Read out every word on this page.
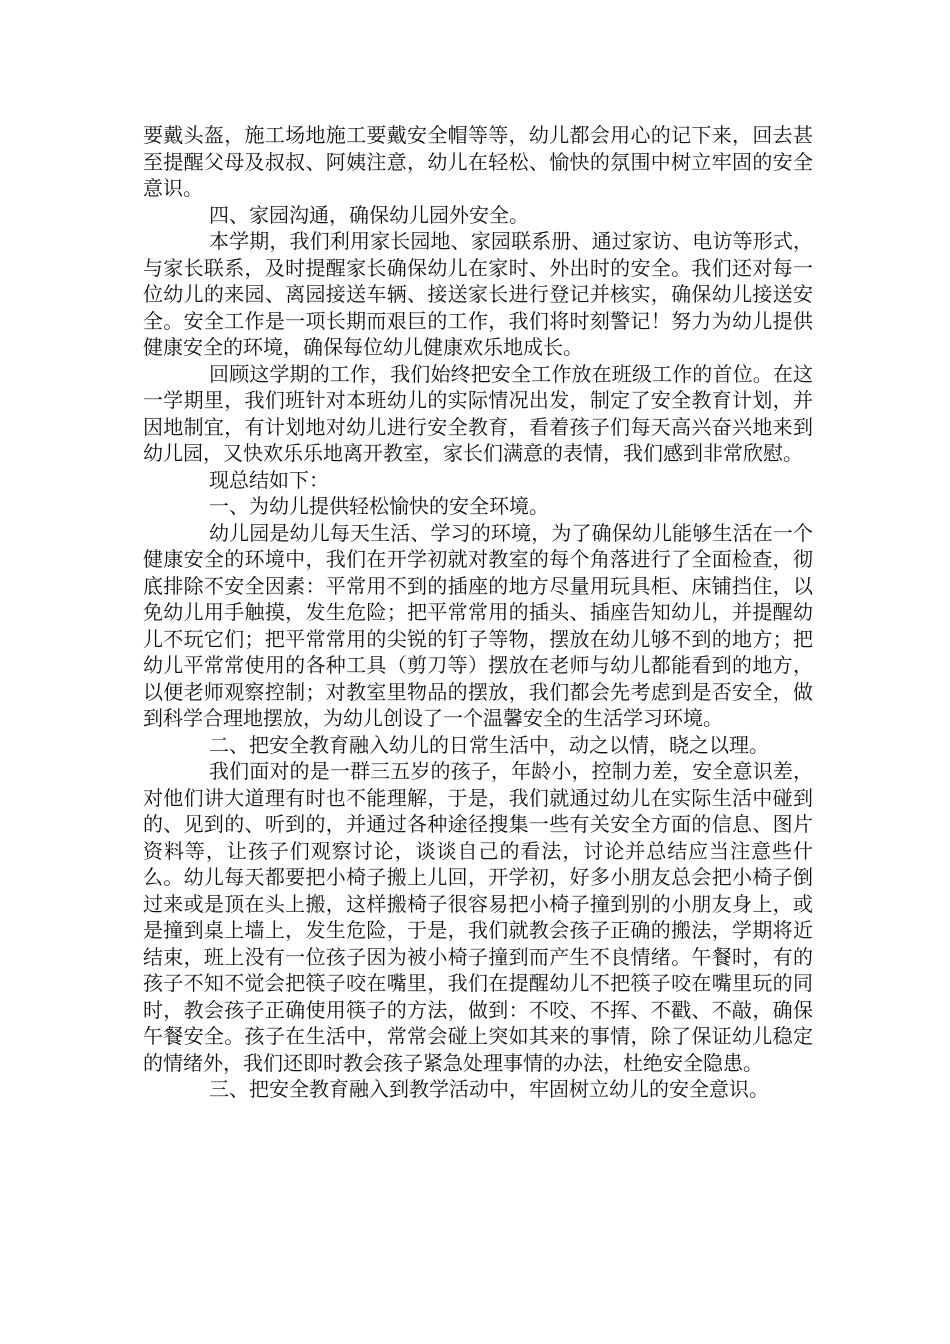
要戴头盔，施工场地施工要戴安全帽等等，幼儿都会用心的记下来，回去甚至提醒父母及叔叔、阿姨注意，幼儿在轻松、愉快的氛围中树立牢固的安全意识。

四、家园沟通，确保幼儿园外安全。

本学期，我们利用家长园地、家园联系册、通过家访、电访等形式，与家长联系，及时提醒家长确保幼儿在家时、外出时的安全。我们还对每一位幼儿的来园、离园接送车辆、接送家长进行登记并核实，确保幼儿接送安全。安全工作是一项长期而艰巨的工作，我们将时刻警记！努力为幼儿提供健康安全的环境，确保每位幼儿健康欢乐地成长。

回顾这学期的工作，我们始终把安全工作放在班级工作的首位。在这一学期里，我们班针对本班幼儿的实际情况出发，制定了安全教育计划，并因地制宜，有计划地对幼儿进行安全教育，看着孩子们每天高兴奋兴地来到幼儿园，又快欢乐乐地离开教室，家长们满意的表情，我们感到非常欣慰。

现总结如下：

一、为幼儿提供轻松愉快的安全环境。

幼儿园是幼儿每天生活、学习的环境，为了确保幼儿能够生活在一个健康安全的环境中，我们在开学初就对教室的每个角落进行了全面检查，彻底排除不安全因素：平常用不到的插座的地方尽量用玩具柜、床铺挡住，以免幼儿用手触摸，发生危险；把平常常用的插头、插座告知幼儿，并提醒幼儿不玩它们；把平常常用的尖锐的钉子等物，摆放在幼儿够不到的地方；把幼儿平常常使用的各种工具（剪刀等）摆放在老师与幼儿都能看到的地方，以便老师观察控制；对教室里物品的摆放，我们都会先考虑到是否安全，做到科学合理地摆放，为幼儿创设了一个温馨安全的生活学习环境。

二、把安全教育融入幼儿的日常生活中，动之以情，晓之以理。

我们面对的是一群三五岁的孩子，年龄小，控制力差，安全意识差，对他们讲大道理有时也不能理解，于是，我们就通过幼儿在实际生活中碰到的、见到的、听到的，并通过各种途径搜集一些有关安全方面的信息、图片资料等，让孩子们观察讨论，谈谈自己的看法，讨论并总结应当注意些什么。幼儿每天都要把小椅子搬上儿回，开学初，好多小朋友总会把小椅子倒过来或是顶在头上搬，这样搬椅子很容易把小椅子撞到别的小朋友身上，或是撞到桌上墙上，发生危险，于是，我们就教会孩子正确的搬法，学期将近结束，班上没有一位孩子因为被小椅子撞到而产生不良情绪。午餐时，有的孩子不知不觉会把筷子咬在嘴里，我们在提醒幼儿不把筷子咬在嘴里玩的同时，教会孩子正确使用筷子的方法，做到：不咬、不挥、不戳、不敲，确保午餐安全。孩子在生活中，常常会碰上突如其来的事情，除了保证幼儿稳定的情绪外，我们还即时教会孩子紧急处理事情的办法，杜绝安全隐患。

三、把安全教育融入到教学活动中，牢固树立幼儿的安全意识。
